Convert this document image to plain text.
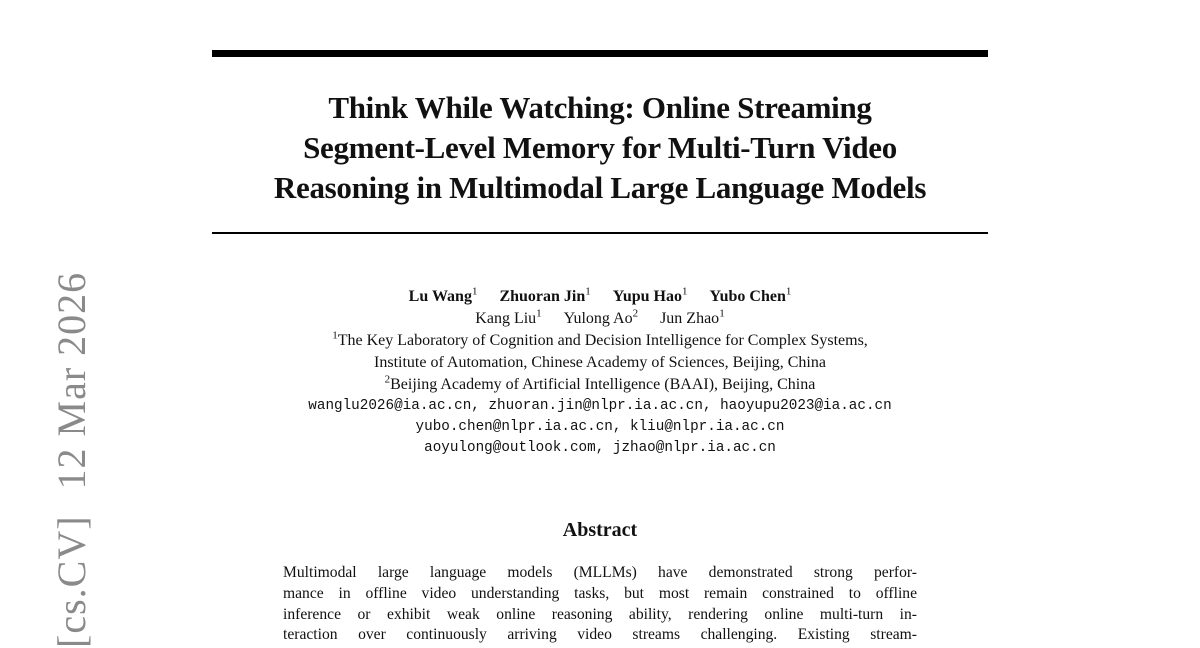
[cs.CV]12 Mar 2026
Think While Watching: Online Streaming
Segment-Level Memory for Multi-Turn Video
Reasoning in Multimodal Large Language Models
Lu Wang$^1$ Zhuoran Jin$^1$ Yupu Hao$^1$ Yubo Chen$^1$
Kang Liu$^1$ Yulong Ao$^2$ Jun Zhao$^1$
$^1$The Key Laboratory of Cognition and Decision Intelligence for Complex Systems,
Institute of Automation, Chinese Academy of Sciences, Beijing, China
$^2$Beijing Academy of Artificial Intelligence (BAAI), Beijing, China
wanglu2026@ia.ac.cn, zhuoran.jin@nlpr.ia.ac.cn, haoyupu2023@ia.ac.cn
yubo.chen@nlpr.ia.ac.cn, kliu@nlpr.ia.ac.cn
aoyulong@outlook.com, jzhao@nlpr.ia.ac.cn
Abstract
Multimodal large language models (MLLMs) have demonstrated strong perfor-
mance in offline video understanding tasks, but most remain constrained to offline
inference or exhibit weak online reasoning ability, rendering online multi-turn in-
teraction over continuously arriving video streams challenging. Existing stream-
